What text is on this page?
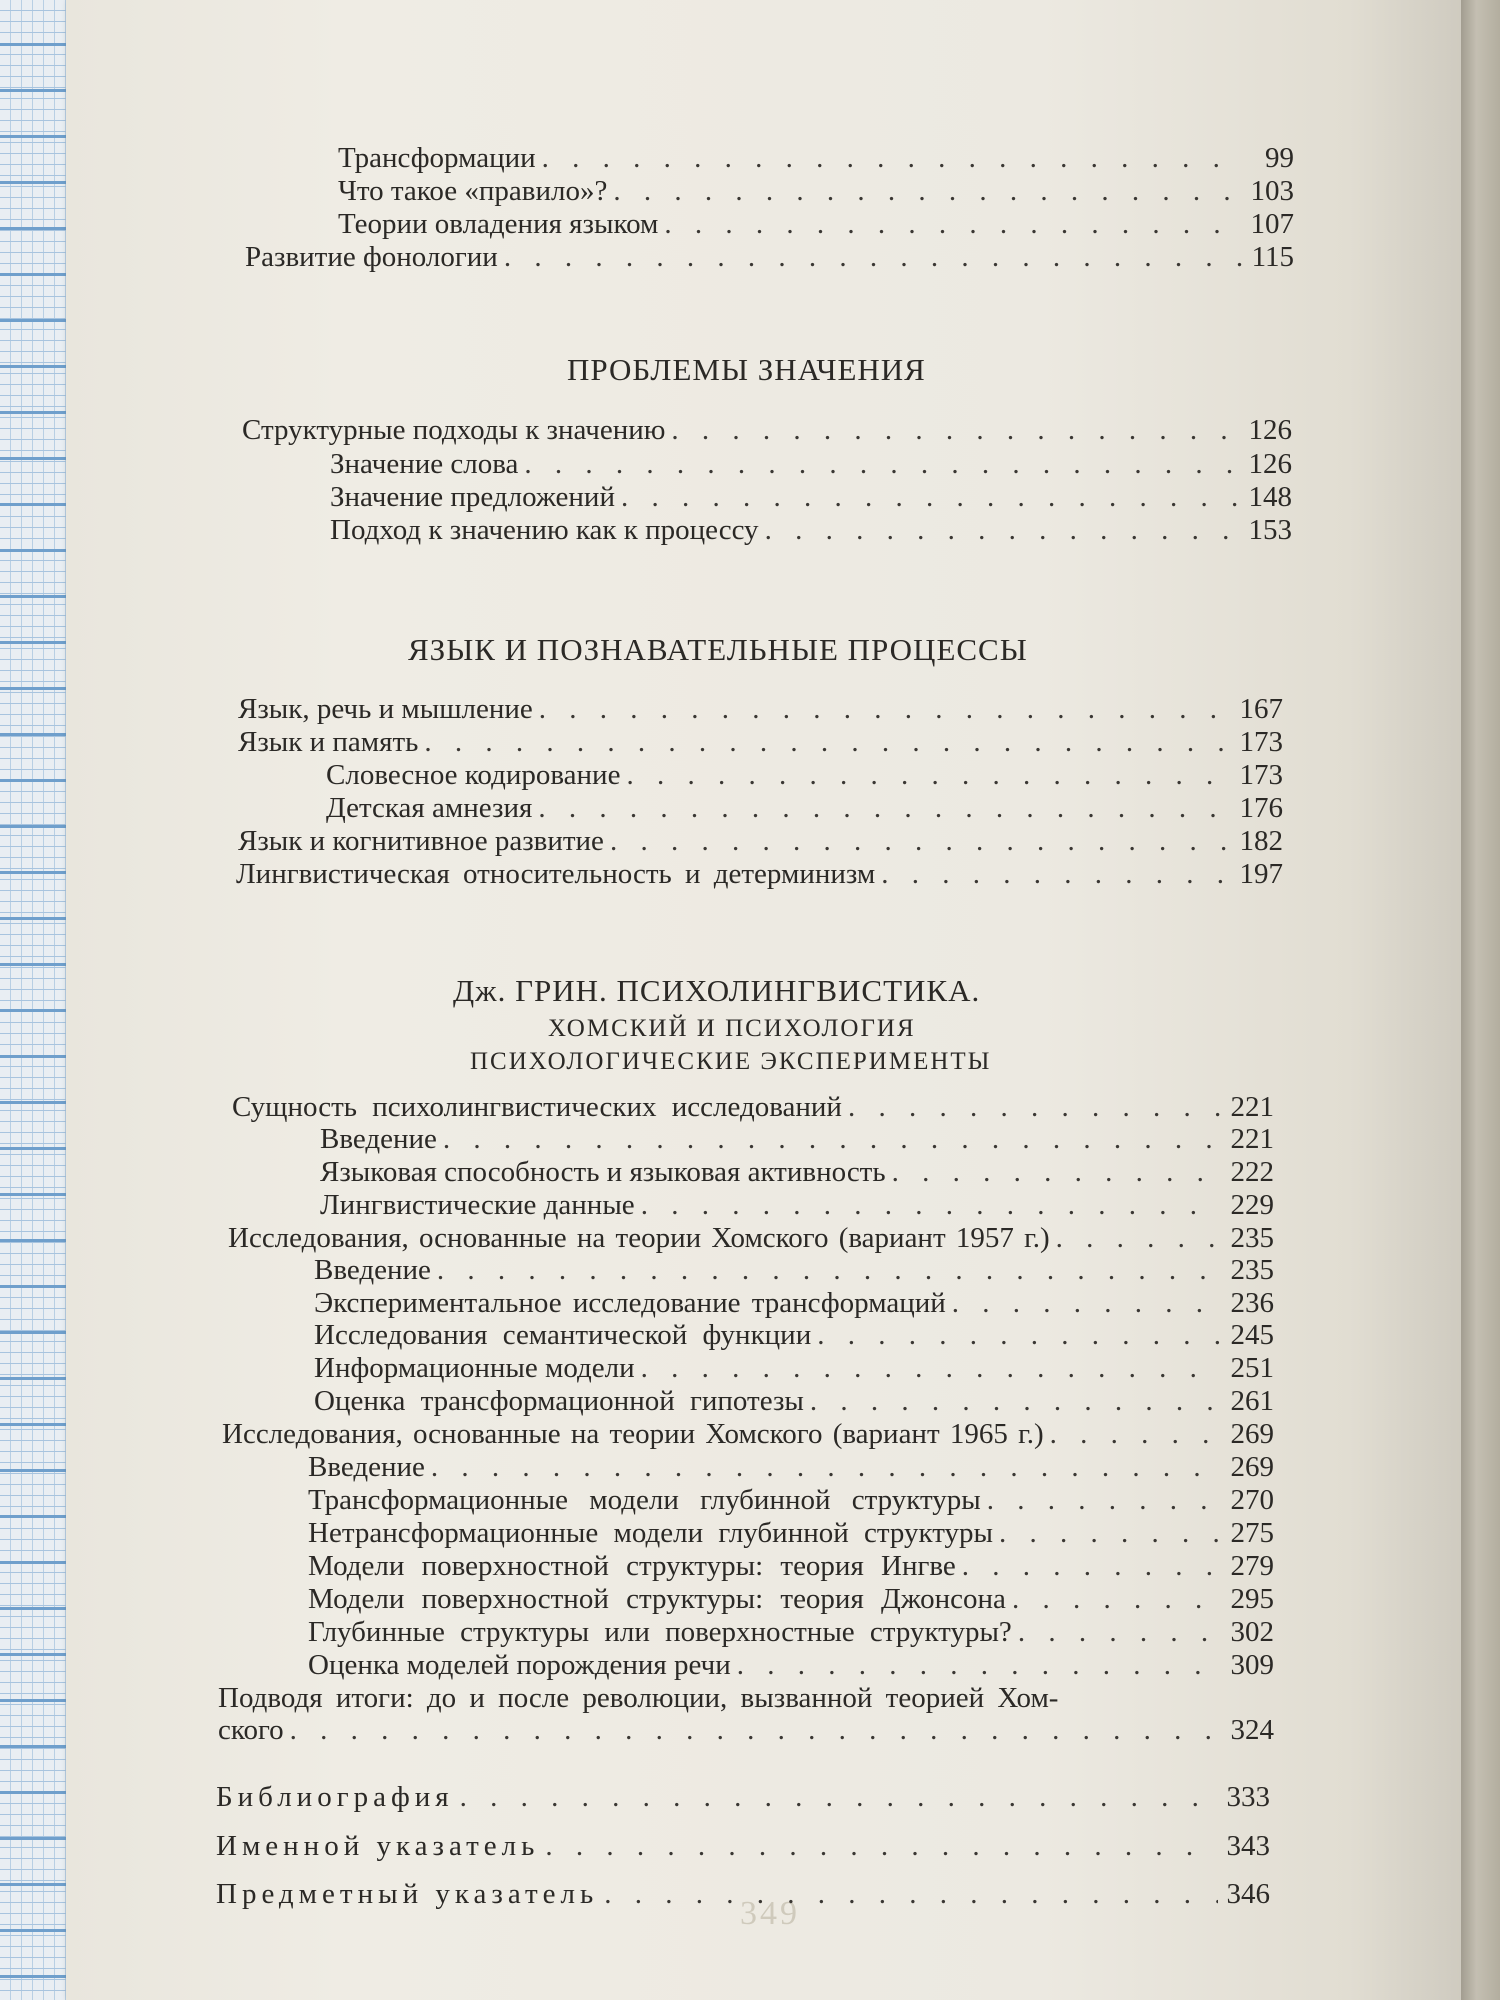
349
Трансформации . . .	99
Что такое «правило»? . . .	103
Теории овладения языком . . .	107
Развитие фонологии . . .	115
ПРОБЛЕМЫ ЗНАЧЕНИЯ
Структурные подходы к значению . . .	126
Значение слова . . .	126
Значение предложений . . .	148
Подход к значению как к процессу . . .	153
ЯЗЫК И ПОЗНАВАТЕЛЬНЫЕ ПРОЦЕССЫ
Язык, речь и мышление . . .	167
Язык и память . . .	173
Словесное кодирование . . .	173
Детская амнезия . . .	176
Язык и когнитивное развитие . . .	182
Лингвистическая относительность и детерминизм . . .	197
Дж. ГРИН. ПСИХОЛИНГВИСТИКА.
ХОМСКИЙ И ПСИХОЛОГИЯ
ПСИХОЛОГИЧЕСКИЕ ЭКСПЕРИМЕНТЫ
Сущность психолингвистических исследований . . .	221
Введение . . .	221
Языковая способность и языковая активность . . .	222
Лингвистические данные . . .	229
Исследования, основанные на теории Хомского (вариант 1957 г.) . . .	235
Введение . . .	235
Экспериментальное исследование трансформаций . . .	236
Исследования семантической функции . . .	245
Информационные модели . . .	251
Оценка трансформационной гипотезы . . .	261
Исследования, основанные на теории Хомского (вариант 1965 г.) . . .	269
Введение . . .	269
Трансформационные модели глубинной структуры . . .	270
Нетрансформационные модели глубинной структуры . . .	275
Модели поверхностной структуры: теория Ингве . . .	279
Модели поверхностной структуры: теория Джонсона . . .	295
Глубинные структуры или поверхностные структуры? . . .	302
Оценка моделей порождения речи . . .	309
Подводя итоги: до и после революции, вызванной теорией Хом-
ского . . .	324
Библиография . . .	333
Именной указатель . . .	343
Предметный указатель . . .	346
